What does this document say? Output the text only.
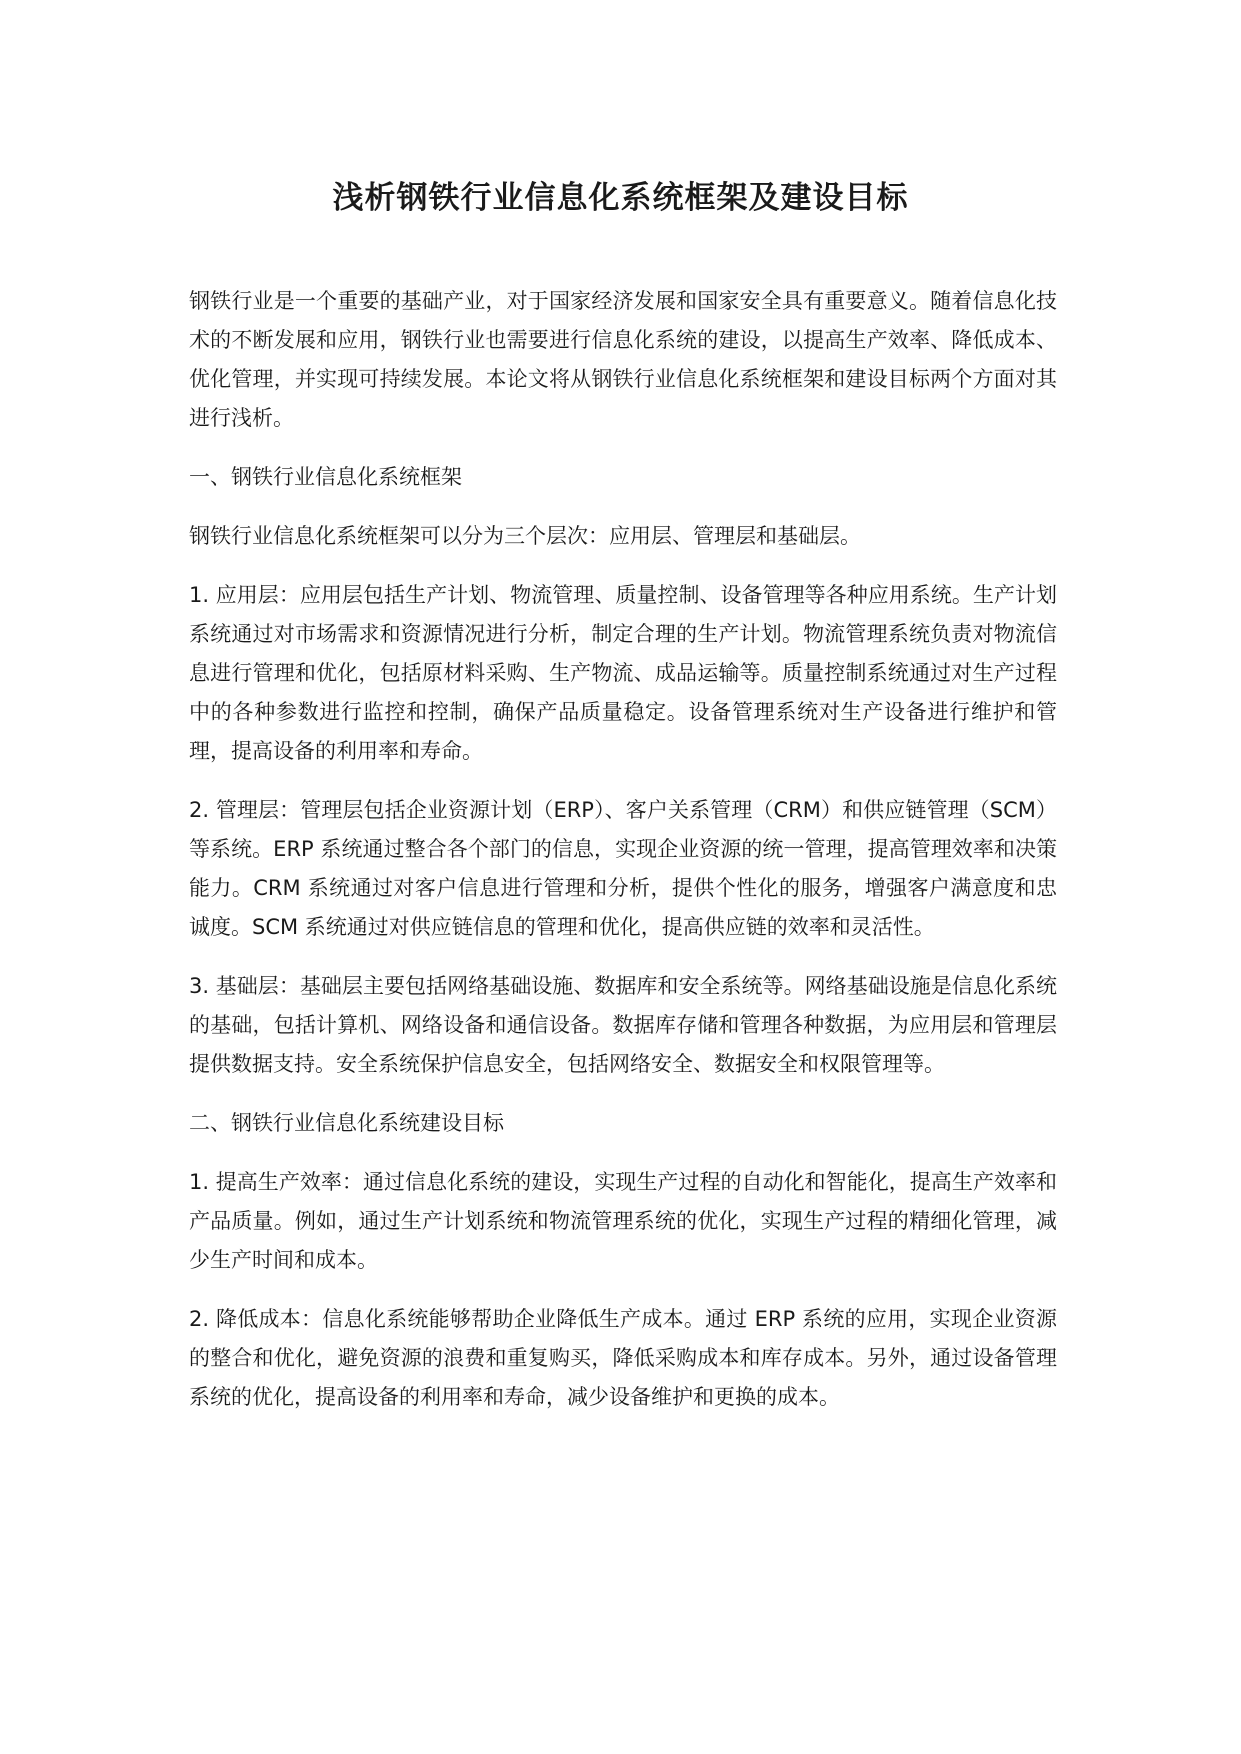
浅析钢铁行业信息化系统框架及建设目标

钢铁行业是一个重要的基础产业，对于国家经济发展和国家安全具有重要意义。随着信息化技术的不断发展和应用，钢铁行业也需要进行信息化系统的建设，以提高生产效率、降低成本、优化管理，并实现可持续发展。本论文将从钢铁行业信息化系统框架和建设目标两个方面对其进行浅析。

一、钢铁行业信息化系统框架

钢铁行业信息化系统框架可以分为三个层次：应用层、管理层和基础层。

1. 应用层：应用层包括生产计划、物流管理、质量控制、设备管理等各种应用系统。生产计划系统通过对市场需求和资源情况进行分析，制定合理的生产计划。物流管理系统负责对物流信息进行管理和优化，包括原材料采购、生产物流、成品运输等。质量控制系统通过对生产过程中的各种参数进行监控和控制，确保产品质量稳定。设备管理系统对生产设备进行维护和管理，提高设备的利用率和寿命。

2. 管理层：管理层包括企业资源计划（ERP）、客户关系管理（CRM）和供应链管理（SCM）等系统。ERP 系统通过整合各个部门的信息，实现企业资源的统一管理，提高管理效率和决策能力。CRM 系统通过对客户信息进行管理和分析，提供个性化的服务，增强客户满意度和忠诚度。SCM 系统通过对供应链信息的管理和优化，提高供应链的效率和灵活性。

3. 基础层：基础层主要包括网络基础设施、数据库和安全系统等。网络基础设施是信息化系统的基础，包括计算机、网络设备和通信设备。数据库存储和管理各种数据，为应用层和管理层提供数据支持。安全系统保护信息安全，包括网络安全、数据安全和权限管理等。

二、钢铁行业信息化系统建设目标

1. 提高生产效率：通过信息化系统的建设，实现生产过程的自动化和智能化，提高生产效率和产品质量。例如，通过生产计划系统和物流管理系统的优化，实现生产过程的精细化管理，减少生产时间和成本。

2. 降低成本：信息化系统能够帮助企业降低生产成本。通过 ERP 系统的应用，实现企业资源的整合和优化，避免资源的浪费和重复购买，降低采购成本和库存成本。另外，通过设备管理系统的优化，提高设备的利用率和寿命，减少设备维护和更换的成本。
